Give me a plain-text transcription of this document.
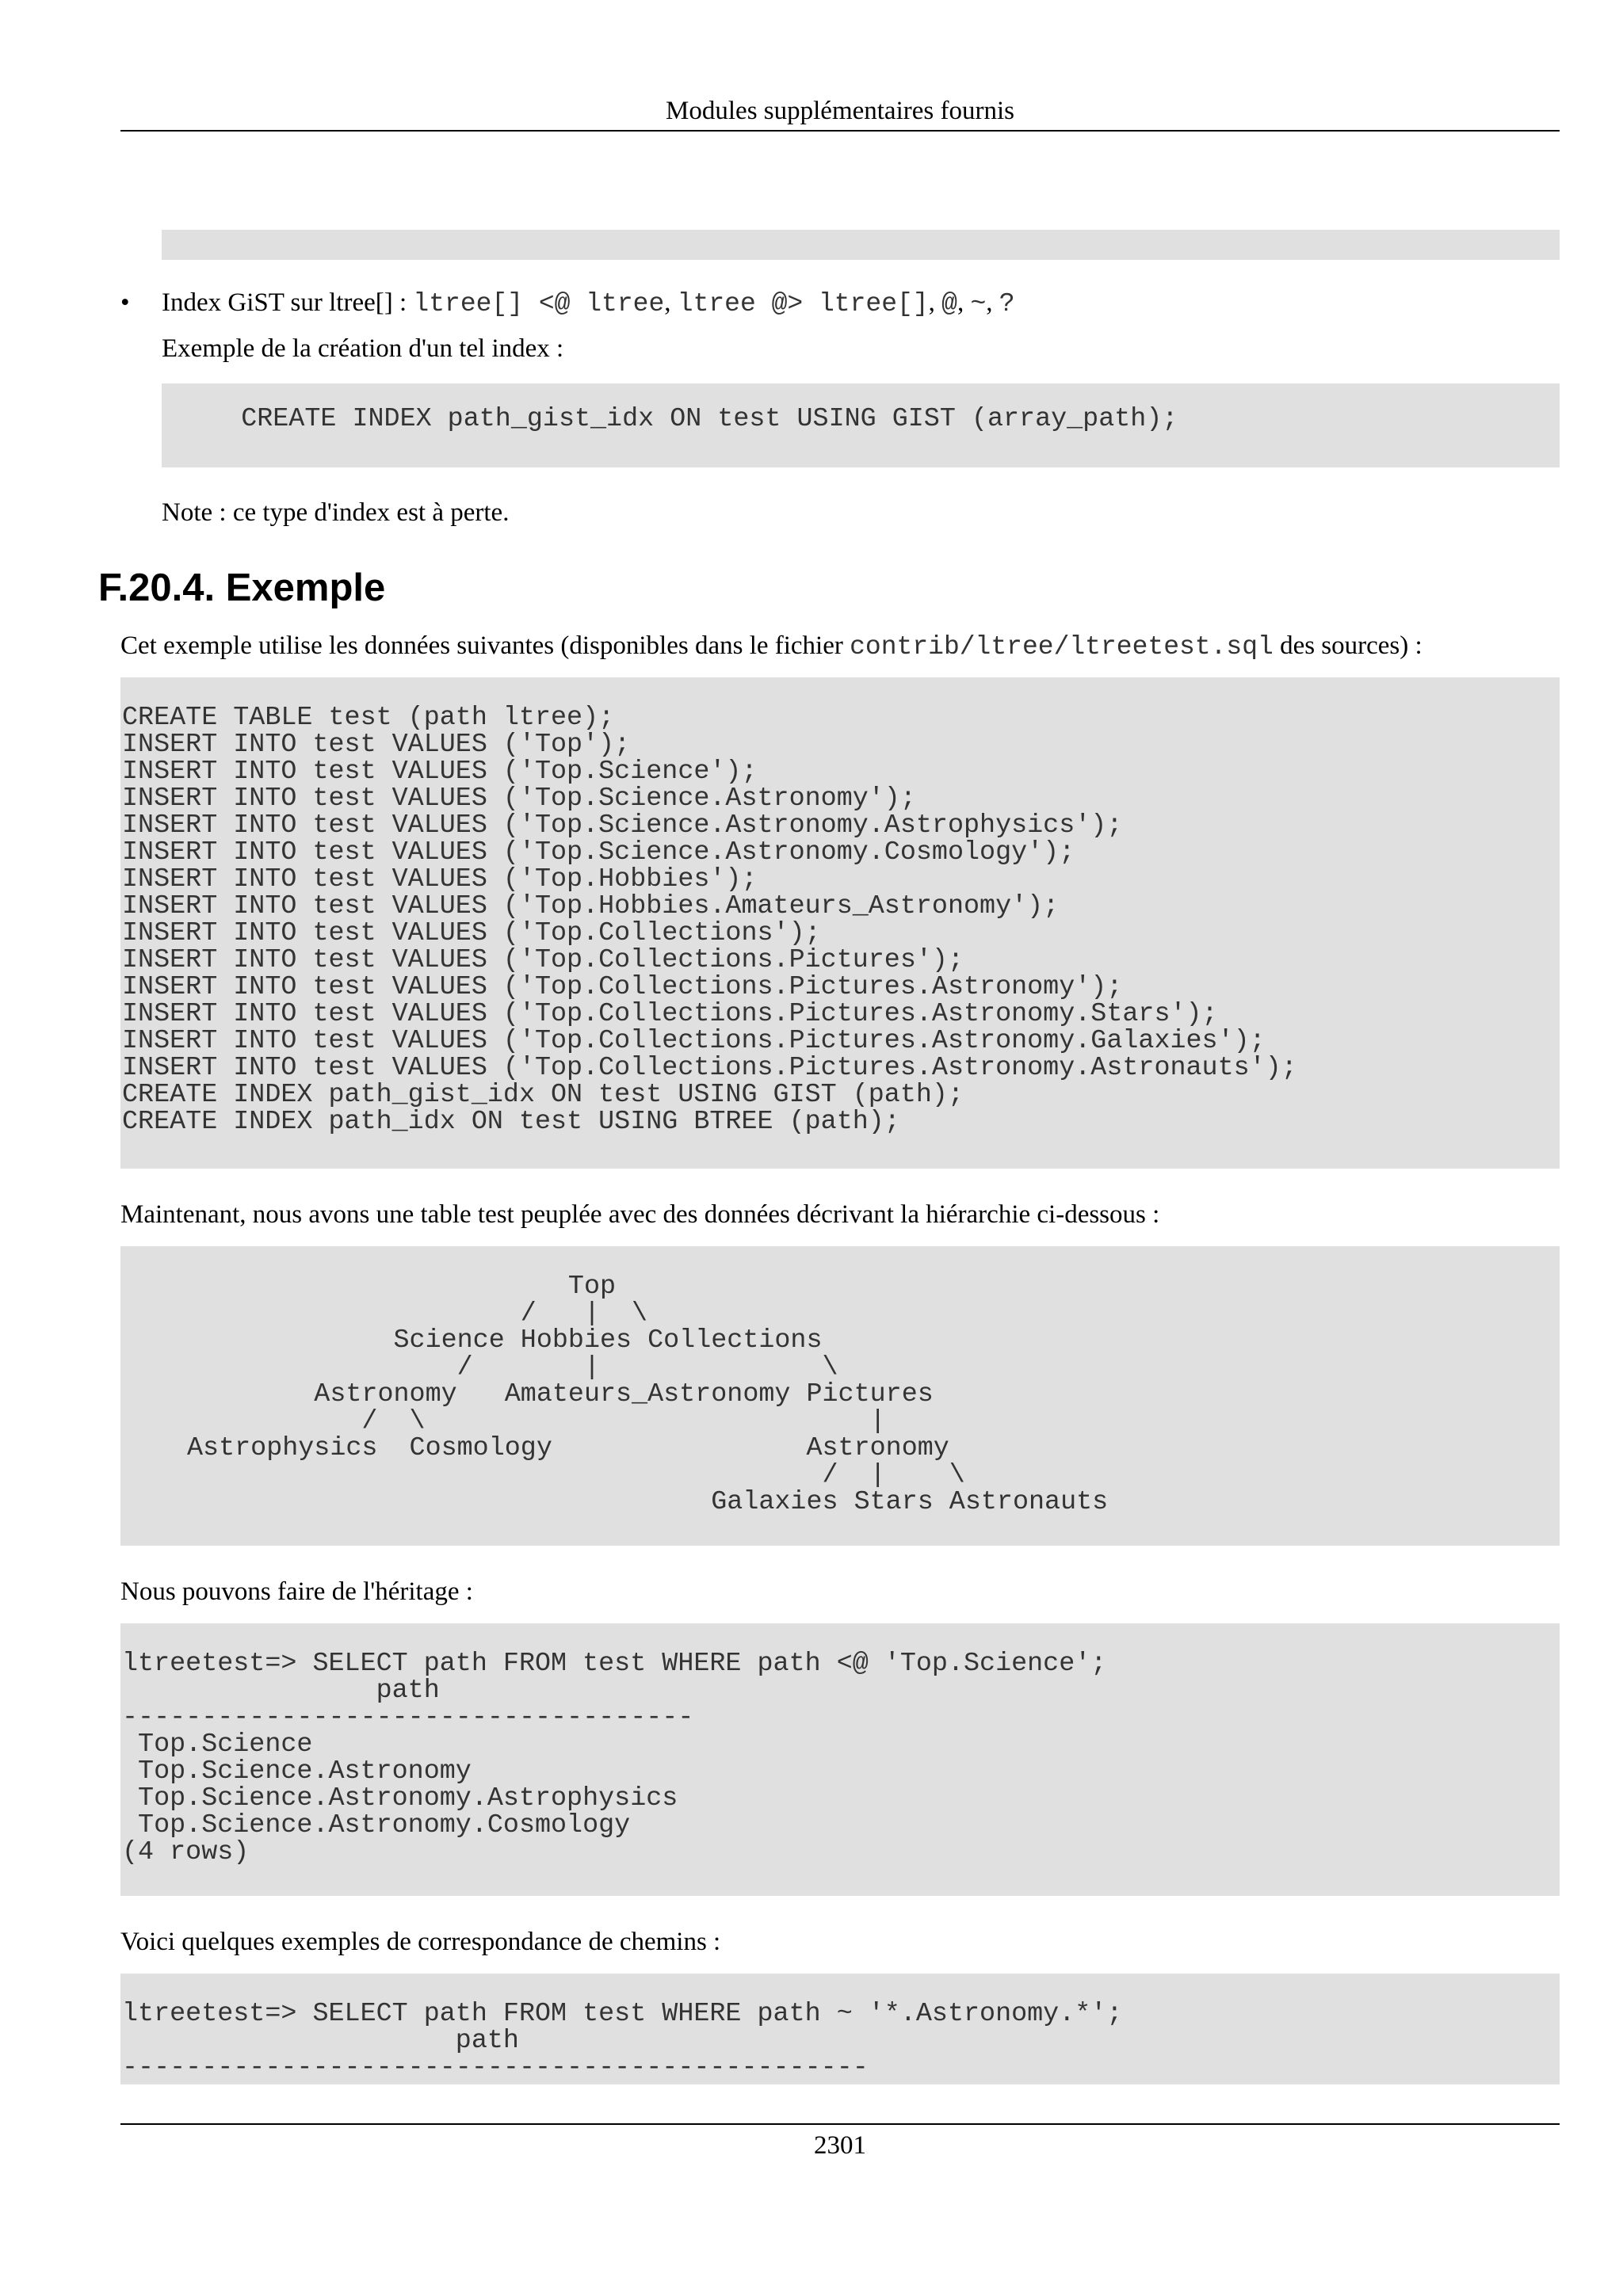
Modules supplémentaires fournis
• Index GiST sur ltree[] : ltree[] <@ ltree, ltree @> ltree[], @, ~, ?
Exemple de la création d'un tel index :
CREATE INDEX path_gist_idx ON test USING GIST (array_path);
Note : ce type d'index est à perte.
F.20.4. Exemple
Cet exemple utilise les données suivantes (disponibles dans le fichier contrib/ltree/ltreetest.sql des sources) :
CREATE TABLE test (path ltree);
INSERT INTO test VALUES ('Top');
INSERT INTO test VALUES ('Top.Science');
INSERT INTO test VALUES ('Top.Science.Astronomy');
INSERT INTO test VALUES ('Top.Science.Astronomy.Astrophysics');
INSERT INTO test VALUES ('Top.Science.Astronomy.Cosmology');
INSERT INTO test VALUES ('Top.Hobbies');
INSERT INTO test VALUES ('Top.Hobbies.Amateurs_Astronomy');
INSERT INTO test VALUES ('Top.Collections');
INSERT INTO test VALUES ('Top.Collections.Pictures');
INSERT INTO test VALUES ('Top.Collections.Pictures.Astronomy');
INSERT INTO test VALUES ('Top.Collections.Pictures.Astronomy.Stars');
INSERT INTO test VALUES ('Top.Collections.Pictures.Astronomy.Galaxies');
INSERT INTO test VALUES ('Top.Collections.Pictures.Astronomy.Astronauts');
CREATE INDEX path_gist_idx ON test USING GIST (path);
CREATE INDEX path_idx ON test USING BTREE (path);
Maintenant, nous avons une table test peuplée avec des données décrivant la hiérarchie ci-dessous :
Top
/   |  \
Science Hobbies Collections
/       |              \
Astronomy   Amateurs_Astronomy Pictures
/  \                            |
Astrophysics  Cosmology                Astronomy
/  |    \
Galaxies Stars Astronauts
Nous pouvons faire de l'héritage :
ltreetest=> SELECT path FROM test WHERE path <@ 'Top.Science';
path
------------------------------------
Top.Science
Top.Science.Astronomy
Top.Science.Astronomy.Astrophysics
Top.Science.Astronomy.Cosmology
(4 rows)
Voici quelques exemples de correspondance de chemins :
ltreetest=> SELECT path FROM test WHERE path ~ '*.Astronomy.*';
path
-----------------------------------------------
2301
